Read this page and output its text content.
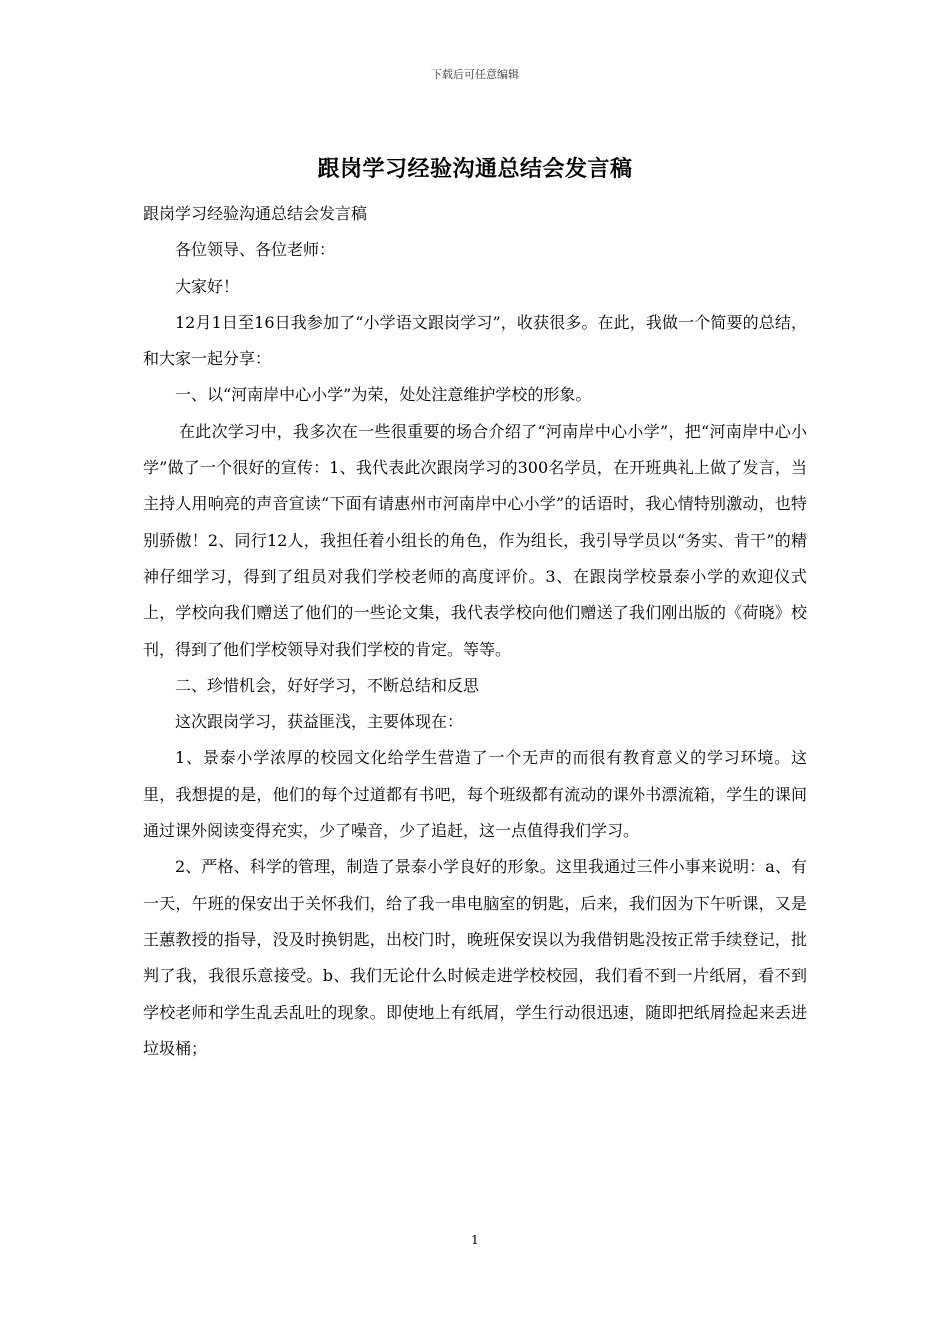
下载后可任意编辑
跟岗学习经验沟通总结会发言稿

跟岗学习经验沟通总结会发言稿

各位领导、各位老师：

大家好！

12月1日至16日我参加了“小学语文跟岗学习”，收获很多。在此，我做一个简要的总结，和大家一起分享：

一、以“河南岸中心小学”为荣，处处注意维护学校的形象。

在此次学习中，我多次在一些很重要的场合介绍了“河南岸中心小学”，把“河南岸中心小学”做了一个很好的宣传：1、我代表此次跟岗学习的300名学员，在开班典礼上做了发言，当主持人用响亮的声音宣读“下面有请惠州市河南岸中心小学”的话语时，我心情特别激动，也特别骄傲！2、同行12人，我担任着小组长的角色，作为组长，我引导学员以“务实、肯干”的精神仔细学习，得到了组员对我们学校老师的高度评价。3、在跟岗学校景泰小学的欢迎仪式上，学校向我们赠送了他们的一些论文集，我代表学校向他们赠送了我们刚出版的《荷晓》校刊，得到了他们学校领导对我们学校的肯定。等等。

二、珍惜机会，好好学习，不断总结和反思

这次跟岗学习，获益匪浅，主要体现在：

1、景泰小学浓厚的校园文化给学生营造了一个无声的而很有教育意义的学习环境。这里，我想提的是，他们的每个过道都有书吧，每个班级都有流动的课外书漂流箱，学生的课间通过课外阅读变得充实，少了噪音，少了追赶，这一点值得我们学习。

2、严格、科学的管理，制造了景泰小学良好的形象。这里我通过三件小事来说明：a、有一天，午班的保安出于关怀我们，给了我一串电脑室的钥匙，后来，我们因为下午听课，又是王蕙教授的指导，没及时换钥匙，出校门时，晚班保安误以为我借钥匙没按正常手续登记，批判了我，我很乐意接受。b、我们无论什么时候走进学校校园，我们看不到一片纸屑，看不到学校老师和学生乱丢乱吐的现象。即使地上有纸屑，学生行动很迅速，随即把纸屑捡起来丢进垃圾桶；

1
